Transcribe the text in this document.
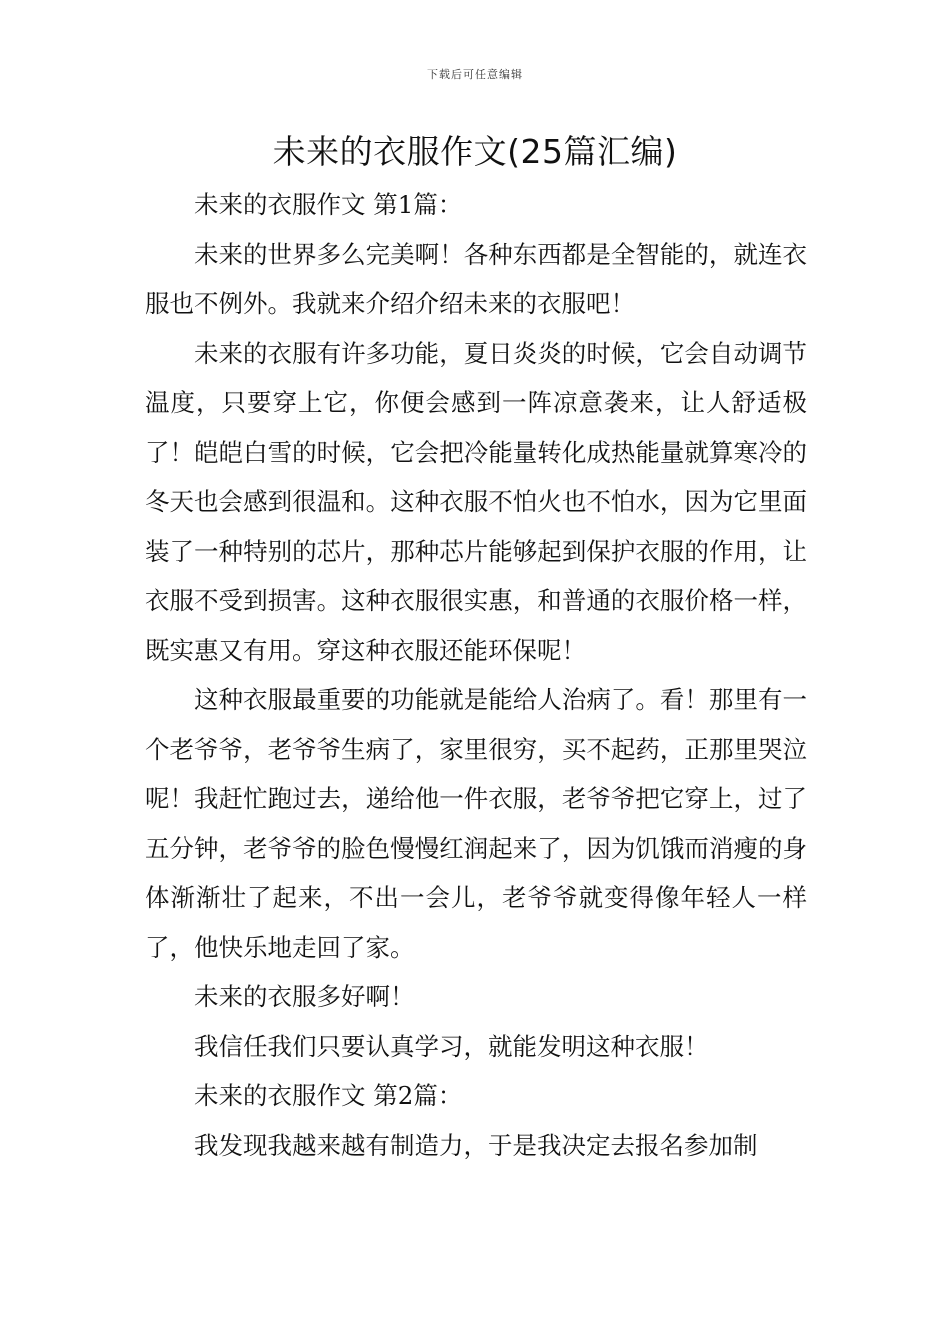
下载后可任意编辑
未来的衣服作文(25篇汇编)

未来的衣服作文 第1篇：

未来的世界多么完美啊！各种东西都是全智能的，就连衣服也不例外。我就来介绍介绍未来的衣服吧！

未来的衣服有许多功能，夏日炎炎的时候，它会自动调节温度，只要穿上它，你便会感到一阵凉意袭来，让人舒适极了！皑皑白雪的时候，它会把冷能量转化成热能量就算寒冷的冬天也会感到很温和。这种衣服不怕火也不怕水，因为它里面装了一种特别的芯片，那种芯片能够起到保护衣服的作用，让衣服不受到损害。这种衣服很实惠，和普通的衣服价格一样，既实惠又有用。穿这种衣服还能环保呢！

这种衣服最重要的功能就是能给人治病了。看！那里有一个老爷爷，老爷爷生病了，家里很穷，买不起药，正那里哭泣呢！我赶忙跑过去，递给他一件衣服，老爷爷把它穿上，过了五分钟，老爷爷的脸色慢慢红润起来了，因为饥饿而消瘦的身体渐渐壮了起来，不出一会儿，老爷爷就变得像年轻人一样了，他快乐地走回了家。

未来的衣服多好啊！

我信任我们只要认真学习，就能发明这种衣服！

未来的衣服作文 第2篇：

我发现我越来越有制造力，于是我决定去报名参加制
